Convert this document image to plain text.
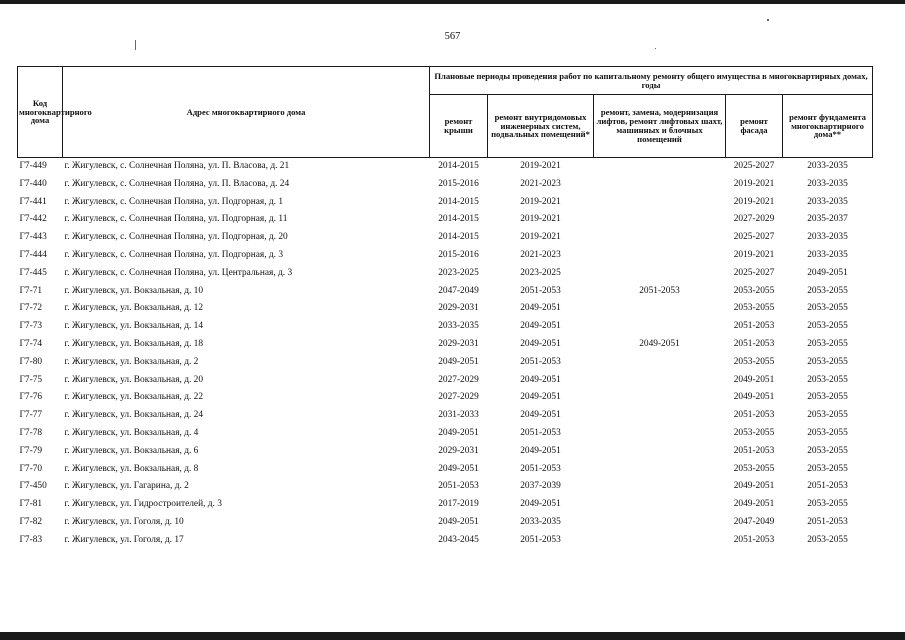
567
Код многоквартирного дома	Адрес многоквартирного дома	Плановые периоды проведения работ по капитальному ремонту общего имущества в многоквартирных домах, годы				
		ремонт крыши	ремонт внутридомовых инженерных систем, подвальных помещений*	ремонт, замена, модернизация лифтов, ремонт лифтовых шахт, машинных и блочных помещений	ремонт фасада	ремонт фундамента многоквартирного дома**
Г7-449	г. Жигулевск, с. Солнечная Поляна, ул. П. Власова, д. 21	2014-2015	2019-2021		2025-2027	2033-2035
Г7-440	г. Жигулевск, с. Солнечная Поляна, ул. П. Власова, д. 24	2015-2016	2021-2023		2019-2021	2033-2035
Г7-441	г. Жигулевск, с. Солнечная Поляна, ул. Подгорная, д. 1	2014-2015	2019-2021		2019-2021	2033-2035
Г7-442	г. Жигулевск, с. Солнечная Поляна, ул. Подгорная, д. 11	2014-2015	2019-2021		2027-2029	2035-2037
Г7-443	г. Жигулевск, с. Солнечная Поляна, ул. Подгорная, д. 20	2014-2015	2019-2021		2025-2027	2033-2035
Г7-444	г. Жигулевск, с. Солнечная Поляна, ул. Подгорная, д. 3	2015-2016	2021-2023		2019-2021	2033-2035
Г7-445	г. Жигулевск, с. Солнечная Поляна, ул. Центральная, д. 3	2023-2025	2023-2025		2025-2027	2049-2051
Г7-71	г. Жигулевск, ул. Вокзальная, д. 10	2047-2049	2051-2053	2051-2053	2053-2055	2053-2055
Г7-72	г. Жигулевск, ул. Вокзальная, д. 12	2029-2031	2049-2051		2053-2055	2053-2055
Г7-73	г. Жигулевск, ул. Вокзальная, д. 14	2033-2035	2049-2051		2051-2053	2053-2055
Г7-74	г. Жигулевск, ул. Вокзальная, д. 18	2029-2031	2049-2051	2049-2051	2051-2053	2053-2055
Г7-80	г. Жигулевск, ул. Вокзальная, д. 2	2049-2051	2051-2053		2053-2055	2053-2055
Г7-75	г. Жигулевск, ул. Вокзальная, д. 20	2027-2029	2049-2051		2049-2051	2053-2055
Г7-76	г. Жигулевск, ул. Вокзальная, д. 22	2027-2029	2049-2051		2049-2051	2053-2055
Г7-77	г. Жигулевск, ул. Вокзальная, д. 24	2031-2033	2049-2051		2051-2053	2053-2055
Г7-78	г. Жигулевск, ул. Вокзальная, д. 4	2049-2051	2051-2053		2053-2055	2053-2055
Г7-79	г. Жигулевск, ул. Вокзальная, д. 6	2029-2031	2049-2051		2051-2053	2053-2055
Г7-70	г. Жигулевск, ул. Вокзальная, д. 8	2049-2051	2051-2053		2053-2055	2053-2055
Г7-450	г. Жигулевск, ул. Гагарина, д. 2	2051-2053	2037-2039		2049-2051	2051-2053
Г7-81	г. Жигулевск, ул. Гидростроителей, д. 3	2017-2019	2049-2051		2049-2051	2053-2055
Г7-82	г. Жигулевск, ул. Гоголя, д. 10	2049-2051	2033-2035		2047-2049	2051-2053
Г7-83	г. Жигулевск, ул. Гоголя, д. 17	2043-2045	2051-2053		2051-2053	2053-2055
